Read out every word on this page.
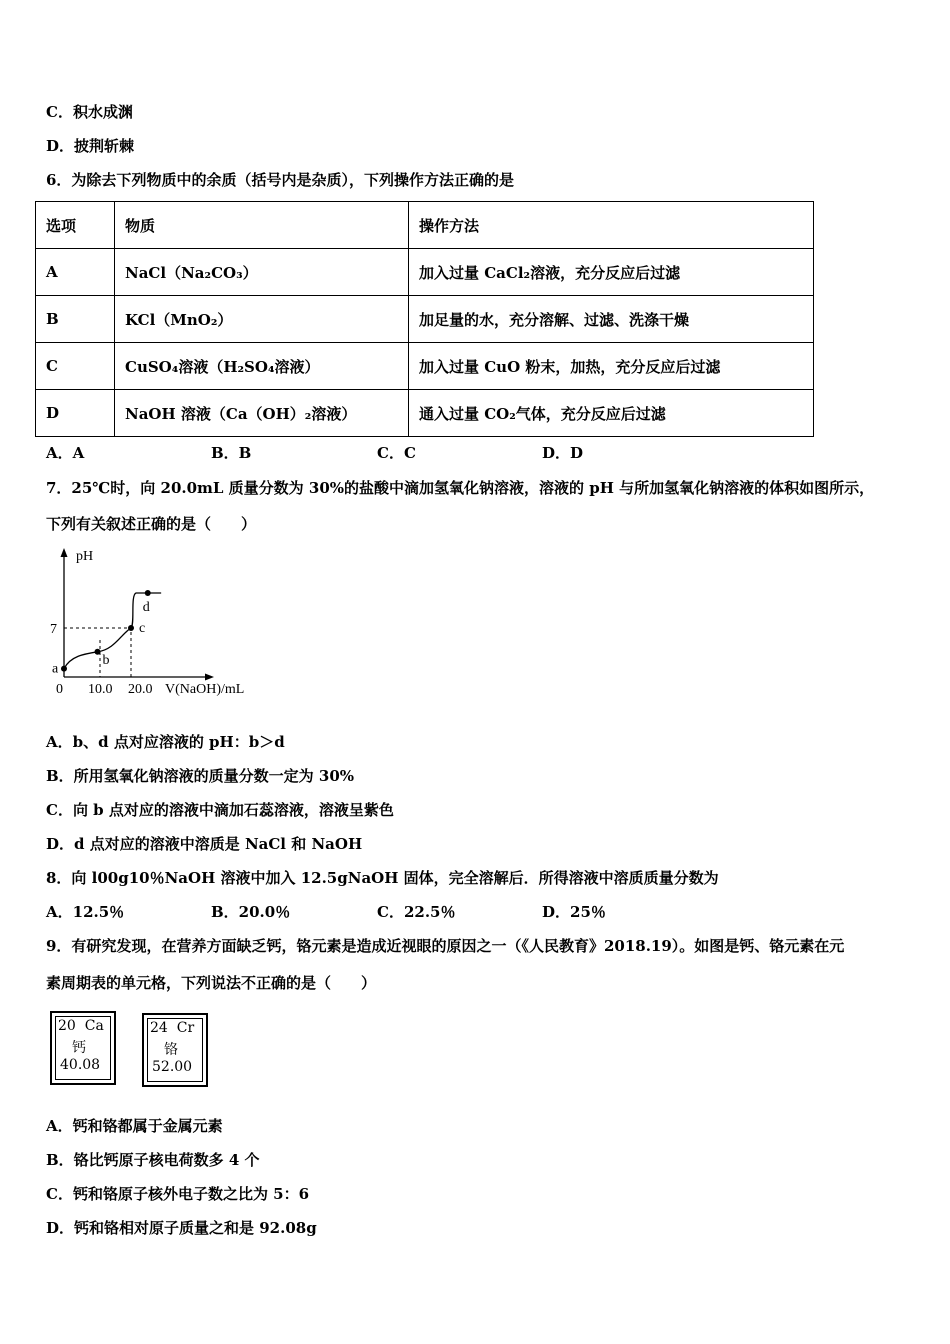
C．积水成渊
D．披荆斩棘
6．为除去下列物质中的余质（括号内是杂质），下列操作方法正确的是
选项	物质	操作方法
A	NaCl（Na₂CO₃）	加入过量 CaCl₂溶液，充分反应后过滤
B	KCl（MnO₂）	加足量的水，充分溶解、过滤、洗涤干燥
C	CuSO₄溶液（H₂SO₄溶液）	加入过量 CuO 粉末，加热，充分反应后过滤
D	NaOH 溶液（Ca（OH）₂溶液）	通入过量 CO₂气体，充分反应后过滤
A．A	B．B	C．C	D．D
7．25℃时，向 20.0mL 质量分数为 30%的盐酸中滴加氢氧化钠溶液，溶液的 pH 与所加氢氧化钠溶液的体积如图所示，
下列有关叙述正确的是（　　）
pH
V(NaOH)/mL
0 10.0 20.0
7
a
b
c
d
A．b、d 点对应溶液的 pH：b＞d
B．所用氢氧化钠溶液的质量分数一定为 30%
C．向 b 点对应的溶液中滴加石蕊溶液，溶液呈紫色
D．d 点对应的溶液中溶质是 NaCl 和 NaOH
8．向 l00g10％NaOH 溶液中加入 12.5gNaOH 固体，完全溶解后．所得溶液中溶质质量分数为
A．12.5％	B．20.0％	C．22.5％	D．25％
9．有研究发现，在营养方面缺乏钙，铬元素是造成近视眼的原因之一（《人民教育》2018.19）。如图是钙、铬元素在元
素周期表的单元格，下列说法不正确的是（　　）
20 Ca
钙
40.08
24 Cr
铬
52.00
A．钙和铬都属于金属元素
B．铬比钙原子核电荷数多 4 个
C．钙和铬原子核外电子数之比为 5：6
D．钙和铬相对原子质量之和是 92.08g
